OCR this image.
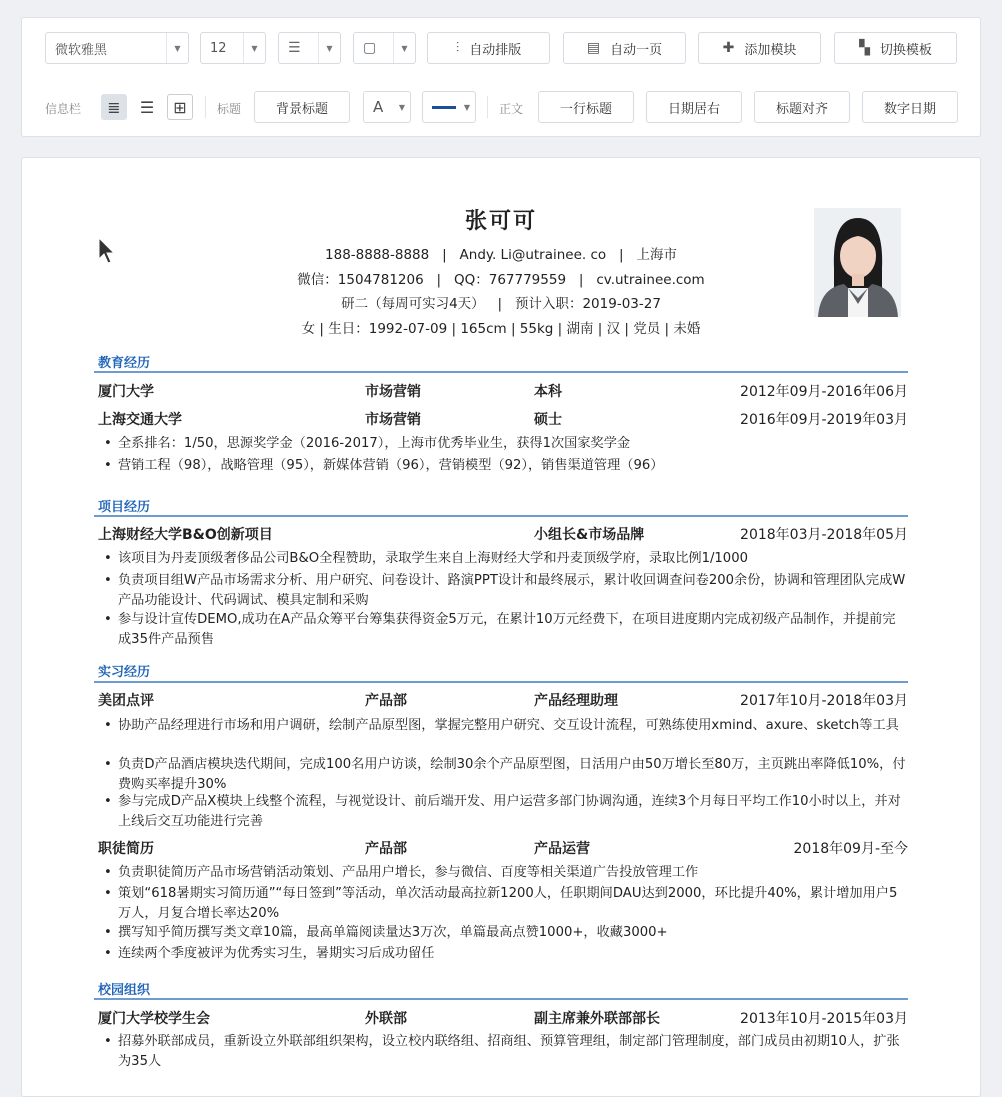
微软雅黑	▼	12	▼	☰	▼	▢	▼	⫶ 自动排版	▤ 自动一页	✚ 添加模块	▚ 切换模板
信息栏	≣	☰	⊞	标题	背景标题	A	▼	▼	正文	一行标题	日期居右	标题对齐	数字日期
张可可
188-8888-8888   |   Andy. Li@utrainee. co   |   上海市
微信：1504781206   |   QQ：767779559   |   cv.utrainee.com
研二（每周可实习4天）   |   预计入职：2019-03-27
女 | 生日：1992-07-09 | 165cm | 55kg | 湖南 | 汉 | 党员 | 未婚
教育经历
厦门大学	市场营销	本科	2012年09月-2016年06月
上海交通大学	市场营销	硕士	2016年09月-2019年03月
• 全系排名：1/50，思源奖学金（2016-2017），上海市优秀毕业生，获得1次国家奖学金
• 营销工程（98），战略管理（95），新媒体营销（96），营销模型（92），销售渠道管理（96）
项目经历
上海财经大学B&O创新项目	小组长&市场品牌	2018年03月-2018年05月
• 该项目为丹麦顶级奢侈品公司B&O全程赞助，录取学生来自上海财经大学和丹麦顶级学府，录取比例1/1000
• 负责项目组W产品市场需求分析、用户研究、问卷设计、路演PPT设计和最终展示，累计收回调查问卷200余份，协调和管理团队完成W产品功能设计、代码调试、模具定制和采购
• 参与设计宣传DEMO,成功在A产品众筹平台筹集获得资金5万元，在累计10万元经费下，在项目进度期内完成初级产品制作，并提前完成35件产品预售
实习经历
美团点评	产品部	产品经理助理	2017年10月-2018年03月
• 协助产品经理进行市场和用户调研，绘制产品原型图，掌握完整用户研究、交互设计流程，可熟练使用xmind、axure、sketch等工具
• 负责D产品酒店模块迭代期间，完成100名用户访谈，绘制30余个产品原型图，日活用户由50万增长至80万，主页跳出率降低10%，付费购买率提升30%
• 参与完成D产品X模块上线整个流程，与视觉设计、前后端开发、用户运营多部门协调沟通，连续3个月每日平均工作10小时以上，并对上线后交互功能进行完善
职徒简历	产品部	产品运营	2018年09月-至今
• 负责职徒简历产品市场营销活动策划、产品用户增长，参与微信、百度等相关渠道广告投放管理工作
• 策划“618暑期实习简历通”“每日签到”等活动，单次活动最高拉新1200人，任职期间DAU达到2000，环比提升40%，累计增加用户5万人，月复合增长率达20%
• 撰写知乎简历撰写类文章10篇，最高单篇阅读量达3万次，单篇最高点赞1000+，收藏3000+
• 连续两个季度被评为优秀实习生，暑期实习后成功留任
校园组织
厦门大学校学生会	外联部	副主席兼外联部部长	2013年10月-2015年03月
• 招募外联部成员，重新设立外联部组织架构，设立校内联络组、招商组、预算管理组，制定部门管理制度，部门成员由初期10人，扩张为35人
